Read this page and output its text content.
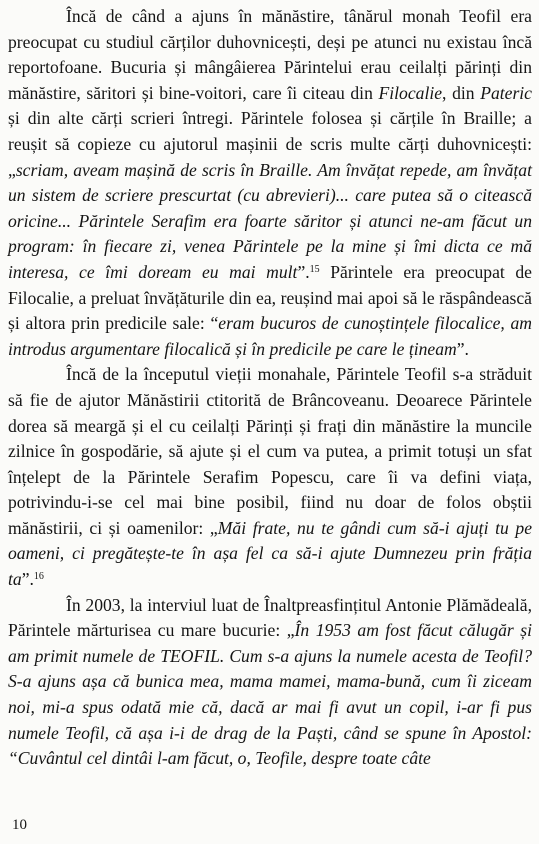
Încă de când a ajuns în mănăstire, tânărul monah Teofil era preocupat cu studiul cărților duhovnicești, deși pe atunci nu existau încă reportofoane. Bucuria și mângâierea Părintelui erau ceilalți părinți din mănăstire, săritori și bine-voitori, care îi citeau din Filocalie, din Pateric și din alte cărți scrieri întregi. Părintele folosea și cărțile în Braille; a reușit să copieze cu ajutorul mașinii de scris multe cărți duhovnicești: „scriam, aveam mașină de scris în Braille. Am învățat repede, am învățat un sistem de scriere prescurtat (cu abrevieri)... care putea să o citească oricine... Părintele Serafim era foarte săritor și atunci ne-am făcut un program: în fiecare zi, venea Părintele pe la mine și îmi dicta ce mă interesa, ce îmi doream eu mai mult”.$^{15}$ Părintele era preocupat de Filocalie, a preluat învățăturile din ea, reușind mai apoi să le răspândească și altora prin predicile sale: “eram bucuros de cunoștințele filocalice, am introdus argumentare filocalică și în predicile pe care le țineam”.

Încă de la începutul vieții monahale, Părintele Teofil s-a străduit să fie de ajutor Mănăstirii ctitorită de Brâncoveanu. Deoarece Părintele dorea să meargă și el cu ceilalți Părinți și frați din mănăstire la muncile zilnice în gospodărie, să ajute și el cum va putea, a primit totuși un sfat înțelept de la Părintele Serafim Popescu, care îi va defini viața, potrivindu-i-se cel mai bine posibil, fiind nu doar de folos obștii mănăstirii, ci și oamenilor: „Măi frate, nu te gândi cum să-i ajuți tu pe oameni, ci pregătește-te în așa fel ca să-i ajute Dumnezeu prin frăția ta”.$^{16}$

În 2003, la interviul luat de Înaltpreasfințitul Antonie Plămădeală, Părintele mărturisea cu mare bucurie: „În 1953 am fost făcut călugăr și am primit numele de TEOFIL. Cum s-a ajuns la numele acesta de Teofil? S-a ajuns așa că bunica mea, mama mamei, mama-bună, cum îi ziceam noi, mi-a spus odată mie că, dacă ar mai fi avut un copil, i-ar fi pus numele Teofil, că așa i-i de drag de la Paști, când se spune în Apostol: “Cuvântul cel dintâi l-am făcut, o, Teofile, despre toate câte

10
